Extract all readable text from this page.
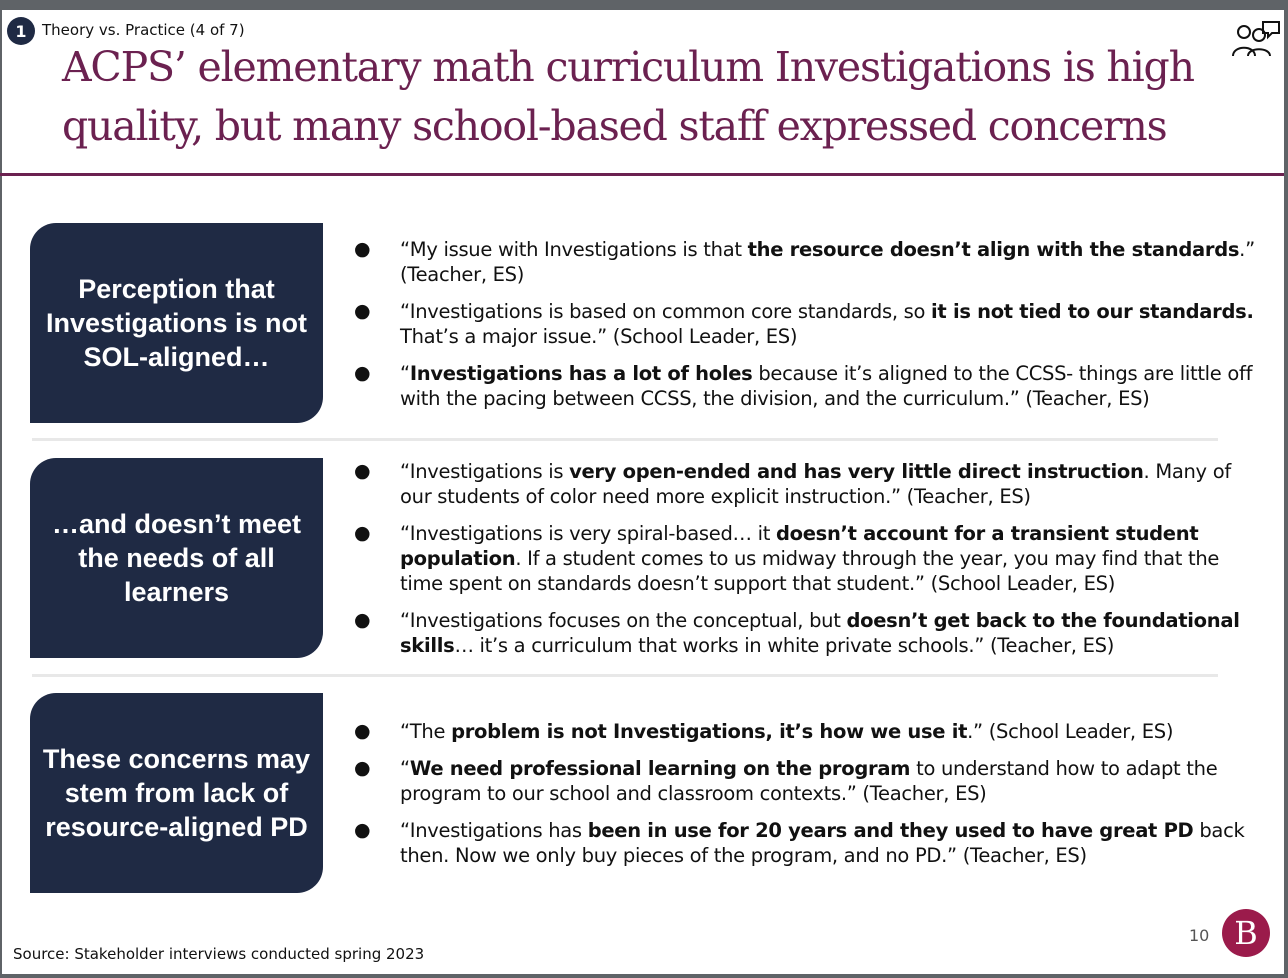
1	Theory vs. Practice (4 of 7)
ACPS’ elementary math curriculum Investigations is high
quality, but many school-based staff expressed concerns
Perception that Investigations is not SOL-aligned…
● “My issue with Investigations is that the resource doesn’t align with the standards.” (Teacher, ES)
● “Investigations is based on common core standards, so it is not tied to our standards. That’s a major issue.” (School Leader, ES)
● “Investigations has a lot of holes because it’s aligned to the CCSS- things are little off with the pacing between CCSS, the division, and the curriculum.” (Teacher, ES)
…and doesn’t meet the needs of all learners
● “Investigations is very open-ended and has very little direct instruction. Many of our students of color need more explicit instruction.” (Teacher, ES)
● “Investigations is very spiral-based… it doesn’t account for a transient student population. If a student comes to us midway through the year, you may find that the time spent on standards doesn’t support that student.” (School Leader, ES)
● “Investigations focuses on the conceptual, but doesn’t get back to the foundational skills… it’s a curriculum that works in white private schools.” (Teacher, ES)
These concerns may stem from lack of resource-aligned PD
● “The problem is not Investigations, it’s how we use it.” (School Leader, ES)
● “We need professional learning on the program to understand how to adapt the program to our school and classroom contexts.” (Teacher, ES)
● “Investigations has been in use for 20 years and they used to have great PD back then. Now we only buy pieces of the program, and no PD.” (Teacher, ES)
Source: Stakeholder interviews conducted spring 2023
10 B
